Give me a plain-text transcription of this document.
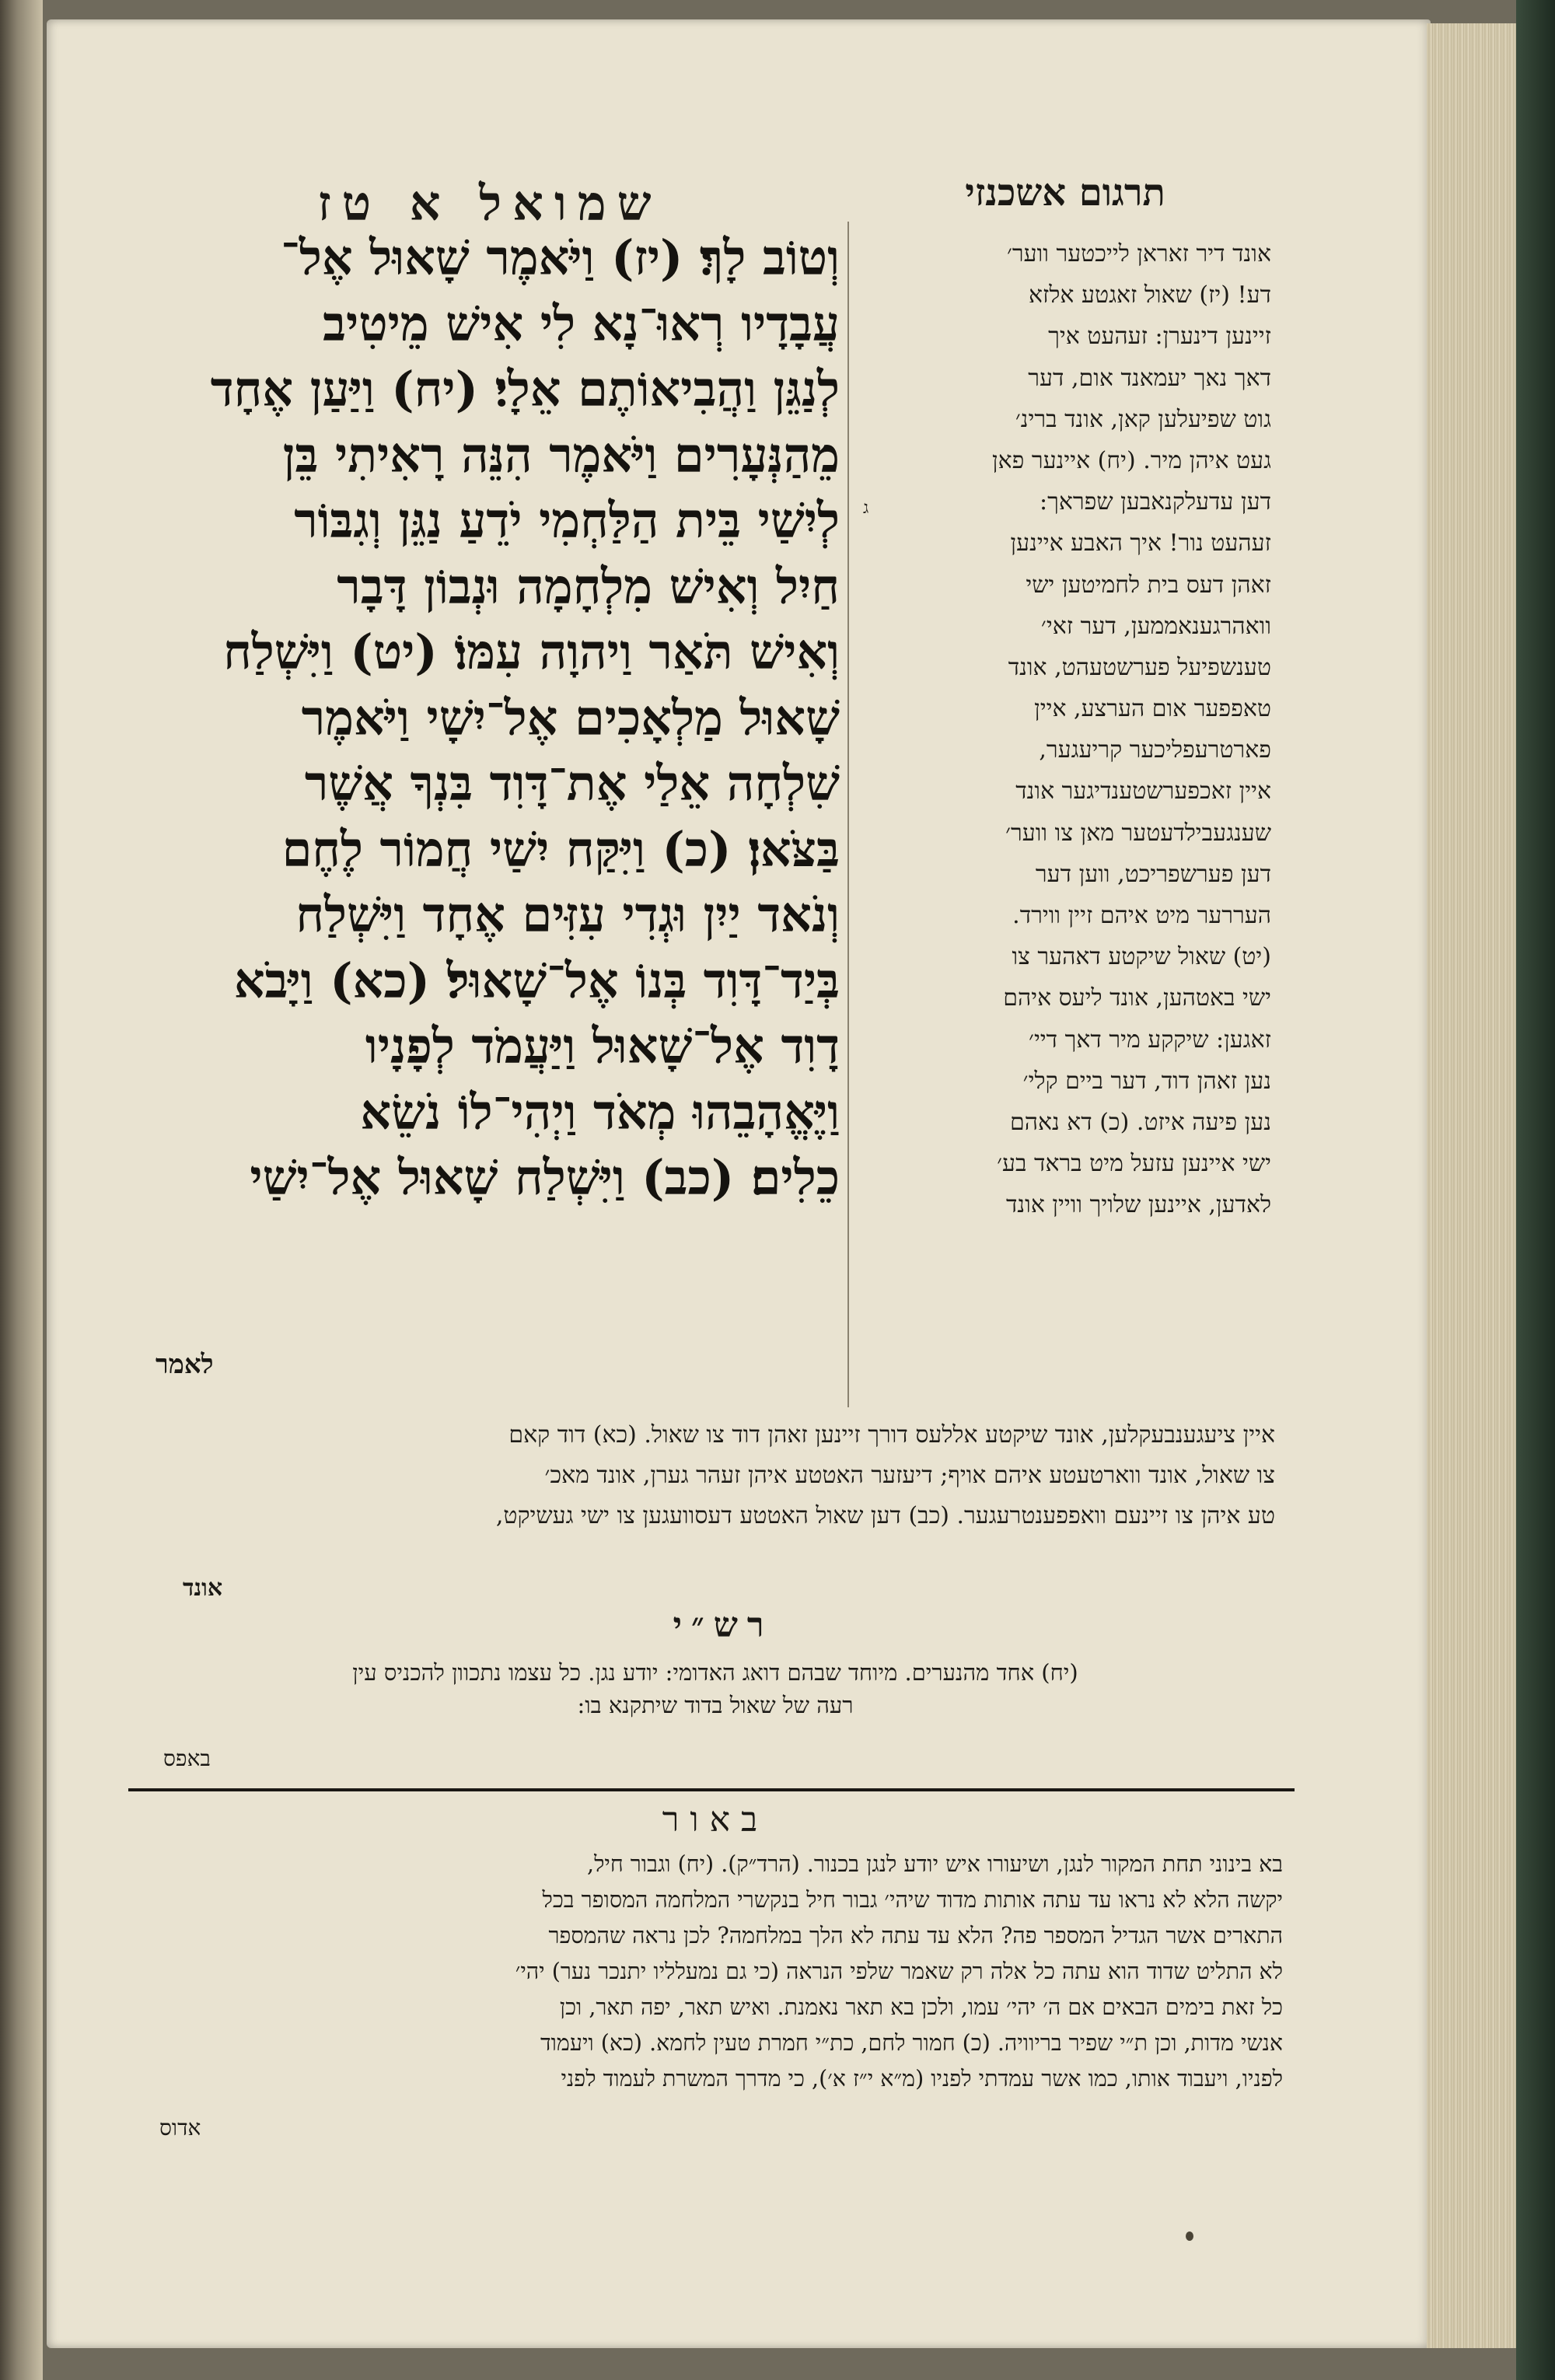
תרגום אשכנזי
שמואל א טז
וְטוֹב לָךְ׃ (יז) וַיֹּאמֶר שָׁאוּל אֶל־
עֲבָדָיו רְאוּ־נָא לִי אִישׁ מֵיטִיב
לְנַגֵּן וַהֲבִיאוֹתֶם אֵלָי׃ (יח) וַיַּעַן אֶחָד
מֵהַנְּעָרִים וַיֹּאמֶר הִנֵּה רָאִיתִי בֵּן
לְיִשַׁי בֵּית הַלַּחְמִי יֹדֵעַ נַגֵּן וְגִבּוֹר
חַיִל וְאִישׁ מִלְחָמָה וּנְבוֹן דָּבָר
וְאִישׁ תֹּאַר וַיהוָה עִמּוֹ׃ (יט) וַיִּשְׁלַח
שָׁאוּל מַלְאָכִים אֶל־יִשָׁי וַיֹּאמֶר
שִׁלְחָה אֵלַי אֶת־דָּוִד בִּנְךָ אֲשֶׁר
בַּצֹּאן׃ (כ) וַיִּקַּח יִשַׁי חֲמוֹר לֶחֶם
וְנֹאד יַיִן וּגְדִי עִזִּים אֶחָד וַיִּשְׁלַח
בְּיַד־דָּוִד בְּנוֹ אֶל־שָׁאוּל׃ (כא) וַיָּבֹא
דָוִד אֶל־שָׁאוּל וַיַּעֲמֹד לְפָנָיו
וַיֶּאֱהָבֵהוּ מְאֹד וַיְהִי־לוֹ נֹשֵׂא
כֵלִים׃ (כב) וַיִּשְׁלַח שָׁאוּל אֶל־יִשַׁי
לאמר
ג
אונד דיר זאראן לייכטער ווער׳
דע! (יז) שאול זאגטע אלזא
זיינען דינערן: זעהעט איך
דאך נאך יעמאנד אום, דער
גוט שפיעלען קאן, אונד ברינ׳
געט איהן מיר. (יח) איינער פאן
דען עדעלקנאבען שפראך:
זעהעט נור! איך האבע איינען
זאהן דעס בית לחמיטען ישי
וואהרגענאממען, דער זאי׳
טענשפיעל פערשטעהט, אונד
טאפפער אום הערצע, איין
פארטרעפליכער קריעגער,
איין זאכפערשטענדיגער אונד
שענגעבילדעטער מאן צו ווער׳
דען פערשפריכט, ווען דער
העררער מיט איהם זיין ווירד.
(יט) שאול שיקטע דאהער צו
ישי באטהען, אונד ליעס איהם
זאגען: שיקקע מיר דאך דיי׳
נען זאהן דוד, דער ביים קלי׳
נען פיעה איזט. (כ) דא נאהם
ישי איינען עזעל מיט בראד בע׳
לאדען, איינען שלויך וויין אונד
איין ציעגענבעקלען, אונד שיקטע אללעס דורך זיינען זאהן דוד צו שאול. (כא) דוד קאם
צו שאול, אונד ווארטעטע איהם אויף; דיעזער האטטע איהן זעהר גערן, אונד מאכ׳
טע איהן צו זיינעם וואפפענטרעגער. (כב) דען שאול האטטע דעסוועגען צו ישי געשיקט,
אונד
רש״י
(יח) אחד מהנערים. מיוחד שבהם דואג האדומי: יודע נגן. כל עצמו נתכוון להכניס עין
רעה של שאול בדוד שיתקנא בו:
באפס
באור
בא בינוני תחת המקור לנגן, ושיעורו איש יודע לנגן בכנור. (הרד״ק). (יח) וגבור חיל,
יקשה הלא לא נראו עד עתה אותות מדוד שיהי׳ גבור חיל בנקשרי המלחמה המסופר בכל
התארים אשר הגדיל המספר פה? הלא עד עתה לא הלך במלחמה? לכן נראה שהמספר
לא התליט שדוד הוא עתה כל אלה רק שאמר שלפי הנראה (כי גם נמעלליו יתנכר נער) יהי׳
כל זאת בימים הבאים אם ה׳ יהי׳ עמו, ולכן בא תאר נאמנת. ואיש תאר, יפה תאר, וכן
אנשי מדות, וכן ת״י שפיר בריוויה. (כ) חמור לחם, כת״י חמרת טעין לחמא. (כא) ויעמוד
לפניו, ויעבוד אותו, כמו אשר עמדתי לפניו (מ״א י״ז א׳), כי מדרך המשרת לעמוד לפני
אדוס
